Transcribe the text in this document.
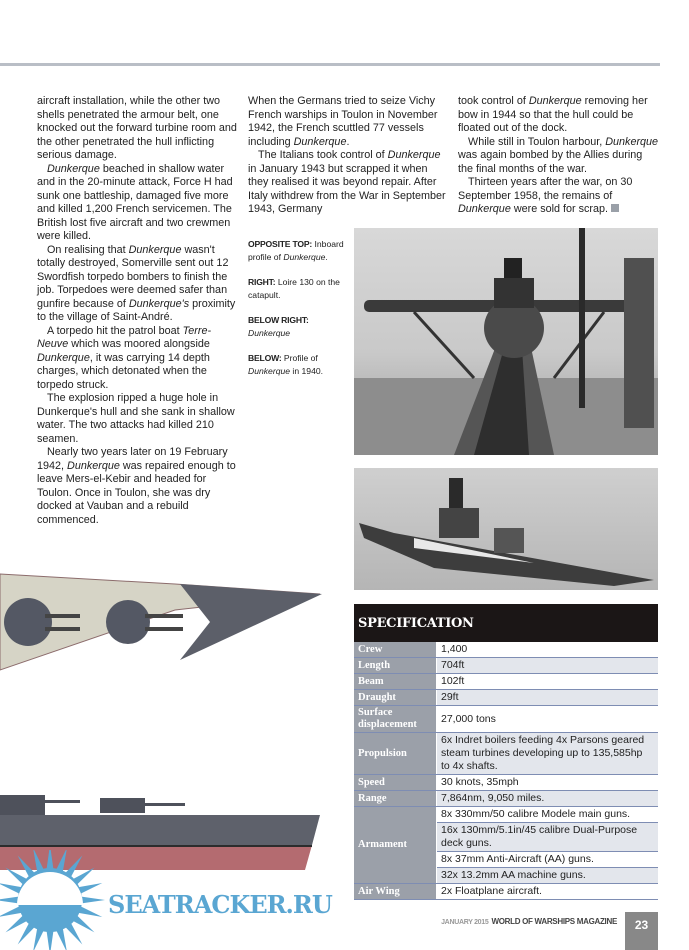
aircraft installation, while the other two shells penetrated the armour belt, one knocked out the forward turbine room and the other penetrated the hull inflicting serious damage.

Dunkerque beached in shallow water and in the 20-minute attack, Force H had sunk one battleship, damaged five more and killed 1,200 French servicemen. The British lost five aircraft and two crewmen were killed.

On realising that Dunkerque wasn't totally destroyed, Somerville sent out 12 Swordfish torpedo bombers to finish the job. Torpedoes were deemed safer than gunfire because of Dunkerque's proximity to the village of Saint-André.

A torpedo hit the patrol boat Terre-Neuve which was moored alongside Dunkerque, it was carrying 14 depth charges, which detonated when the torpedo struck.

The explosion ripped a huge hole in Dunkerque's hull and she sank in shallow water. The two attacks had killed 210 seamen.

Nearly two years later on 19 February 1942, Dunkerque was repaired enough to leave Mers-el-Kebir and headed for Toulon. Once in Toulon, she was dry docked at Vauban and a rebuild commenced.

When the Germans tried to seize Vichy French warships in Toulon in November 1942, the French scuttled 77 vessels including Dunkerque.

The Italians took control of Dunkerque in January 1943 but scrapped it when they realised it was beyond repair. After Italy withdrew from the War in September 1943, Germany

took control of Dunkerque removing her bow in 1944 so that the hull could be floated out of the dock.

While still in Toulon harbour, Dunkerque was again bombed by the Allies during the final months of the war.

Thirteen years after the war, on 30 September 1958, the remains of Dunkerque were sold for scrap.

OPPOSITE TOP: Inboard profile of Dunkerque.
RIGHT: Loire 130 on the catapult.
BELOW RIGHT:
Dunkerque
BELOW: Profile of Dunkerque in 1940.
SPECIFICATION
Crew	1,400
Length	704ft
Beam	102ft
Draught	29ft
Surface displacement	27,000 tons
Propulsion	6x Indret boilers feeding 4x Parsons geared steam turbines developing up to 135,585hp to 4x shafts.
Speed	30 knots, 35mph
Range	7,864nm, 9,050 miles.
Armament	8x 330mm/50 calibre Modele main guns.
	16x 130mm/5.1in/45 calibre Dual-Purpose deck guns.
	8x 37mm Anti-Aircraft (AA) guns.
	32x 13.2mm AA machine guns.
Air Wing	2x Floatplane aircraft.
SEATRACKER.RU
JANUARY 2015 WORLD OF WARSHIPS MAGAZINE	23
